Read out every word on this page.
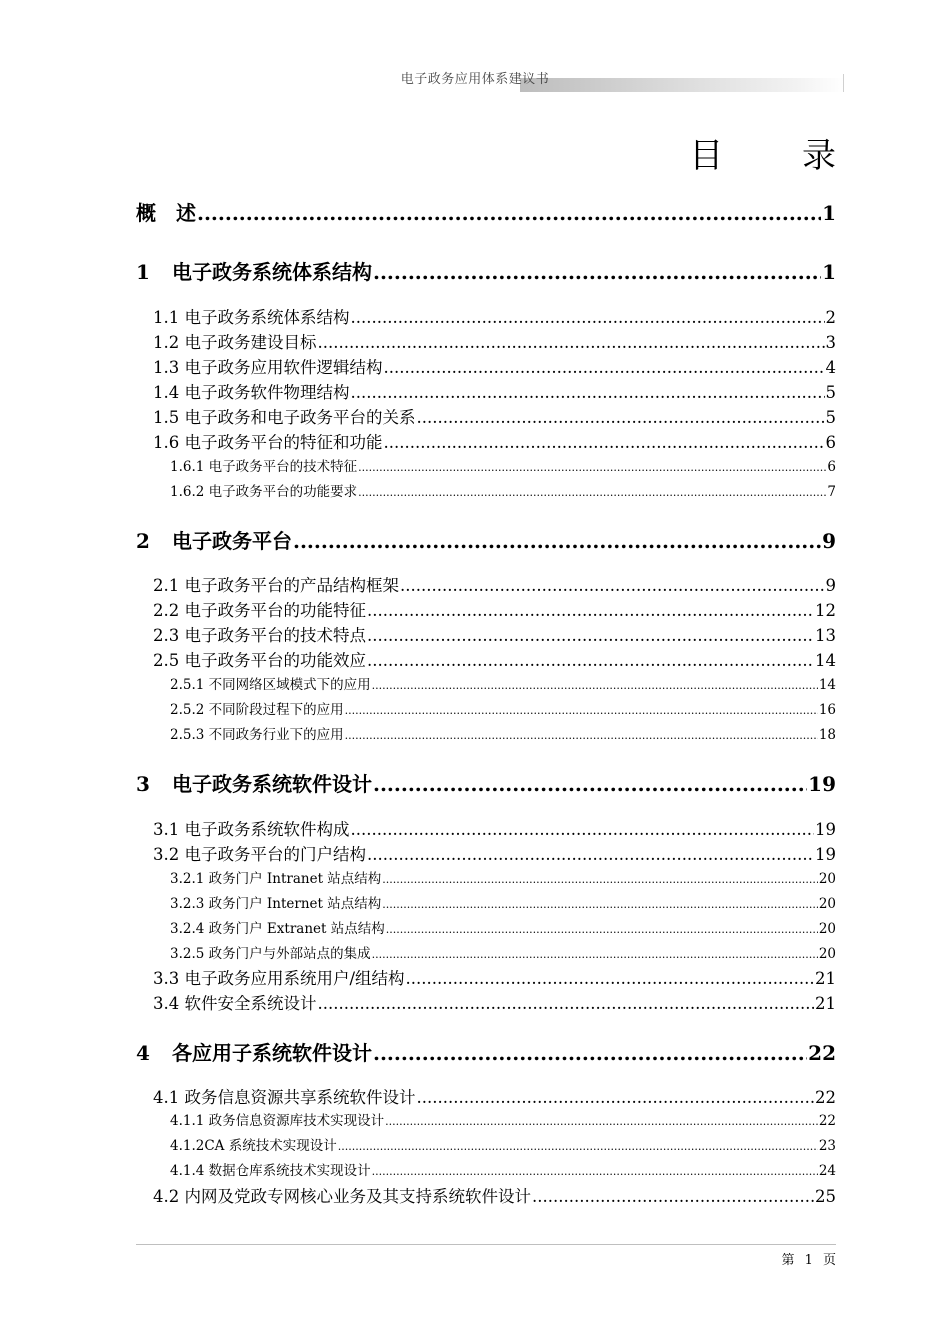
电子政务应用体系建议书
目 录
概　述 .....	1
1 电子政务系统体系结构 .....	1
1.1 电子政务系统体系结构 .....	2
1.2 电子政务建设目标 .....	3
1.3 电子政务应用软件逻辑结构 .....	4
1.4 电子政务软件物理结构 .....	5
1.5 电子政务和电子政务平台的关系 .....	5
1.6 电子政务平台的特征和功能 .....	6
1.6.1 电子政务平台的技术特征 .....	6
1.6.2 电子政务平台的功能要求 .....	7
2 电子政务平台 .....	9
2.1 电子政务平台的产品结构框架 .....	9
2.2 电子政务平台的功能特征 .....	12
2.3 电子政务平台的技术特点 .....	13
2.5 电子政务平台的功能效应 .....	14
2.5.1 不同网络区域模式下的应用 .....	14
2.5.2 不同阶段过程下的应用 .....	16
2.5.3 不同政务行业下的应用 .....	18
3 电子政务系统软件设计 .....	19
3.1 电子政务系统软件构成 .....	19
3.2 电子政务平台的门户结构 .....	19
3.2.1 政务门户 Intranet 站点结构 .....	20
3.2.3 政务门户 Internet 站点结构 .....	20
3.2.4 政务门户 Extranet 站点结构 .....	20
3.2.5 政务门户与外部站点的集成 .....	20
3.3 电子政务应用系统用户/组结构 .....	21
3.4 软件安全系统设计 .....	21
4 各应用子系统软件设计 .....	22
4.1 政务信息资源共享系统软件设计 .....	22
4.1.1 政务信息资源库技术实现设计 .....	22
4.1.2CA 系统技术实现设计 .....	23
4.1.4 数据仓库系统技术实现设计 .....	24
4.2 内网及党政专网核心业务及其支持系统软件设计 .....	25
第 1 页
